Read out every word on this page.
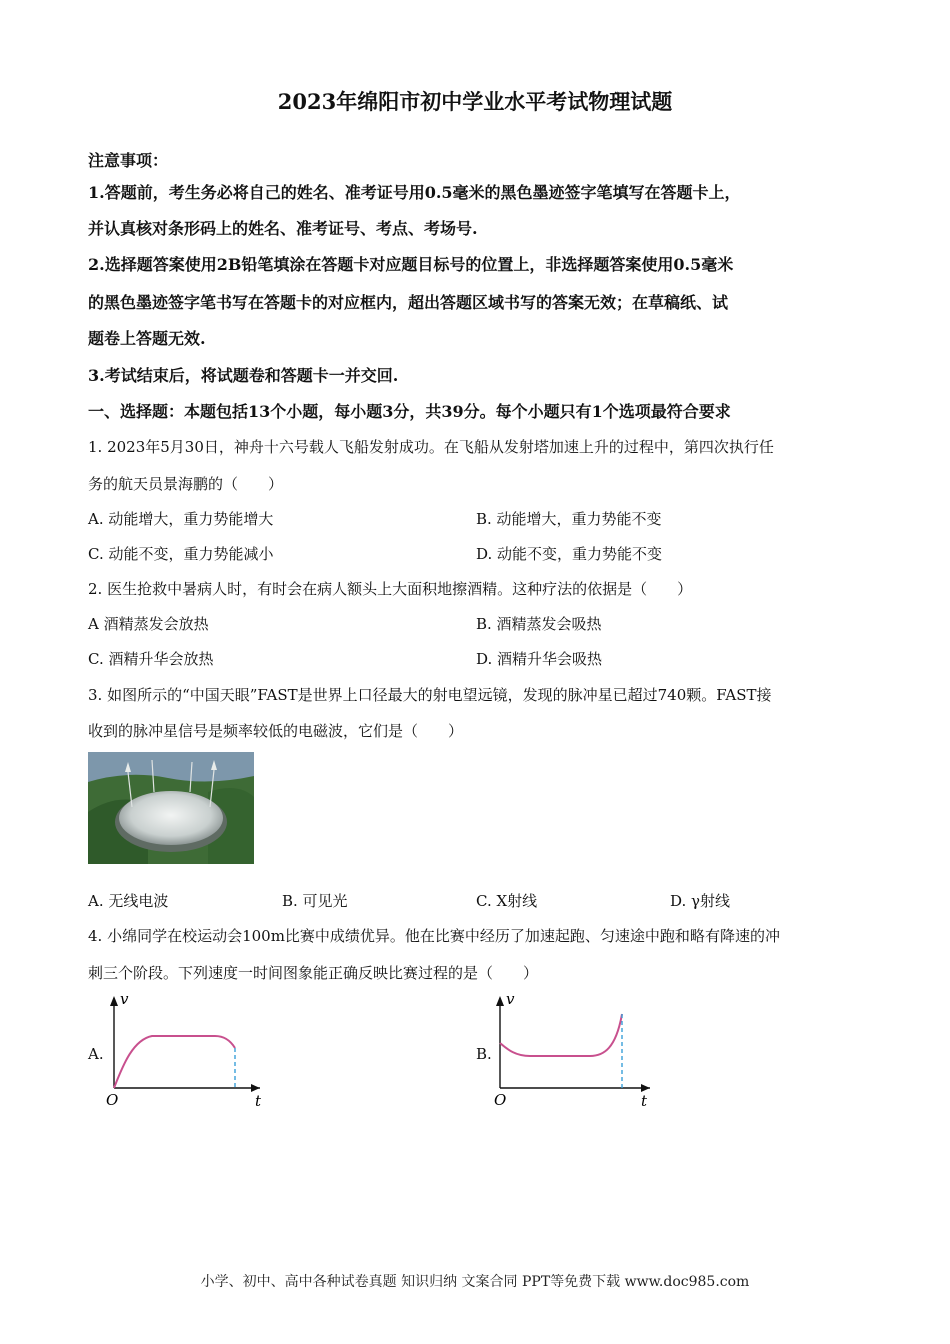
2023年绵阳市初中学业水平考试物理试题
注意事项：
1.答题前，考生务必将自己的姓名、准考证号用0.5毫米的黑色墨迹签字笔填写在答题卡上，
并认真核对条形码上的姓名、准考证号、考点、考场号.
2.选择题答案使用2B铅笔填涂在答题卡对应题目标号的位置上，非选择题答案使用0.5毫米
的黑色墨迹签字笔书写在答题卡的对应框内，超出答题区域书写的答案无效；在草稿纸、试
题卷上答题无效.
3.考试结束后，将试题卷和答题卡一并交回.
一、选择题：本题包括13个小题，每小题3分，共39分。每个小题只有1个选项最符合要求
1. 2023年5月30日，神舟十六号载人飞船发射成功。在飞船从发射塔加速上升的过程中，第四次执行任
务的航天员景海鹏的（　　）
A. 动能增大，重力势能增大	B. 动能增大，重力势能不变
C. 动能不变，重力势能减小	D. 动能不变，重力势能不变
2. 医生抢救中暑病人时，有时会在病人额头上大面积地擦酒精。这种疗法的依据是（　　）
A 酒精蒸发会放热	B. 酒精蒸发会吸热
C. 酒精升华会放热	D. 酒精升华会吸热
3. 如图所示的“中国天眼”FAST是世界上口径最大的射电望远镜，发现的脉冲星已超过740颗。FAST接
收到的脉冲星信号是频率较低的电磁波，它们是（　　）
A. 无线电波	B. 可见光	C. X射线	D. γ射线
4. 小绵同学在校运动会100m比赛中成绩优异。他在比赛中经历了加速起跑、匀速途中跑和略有降速的冲
刺三个阶段。下列速度一时间图象能正确反映比赛过程的是（　　）
A.
v
t
O
B.
v
t
O
小学、初中、高中各种试卷真题 知识归纳 文案合同 PPT等免费下载 www.doc985.com
